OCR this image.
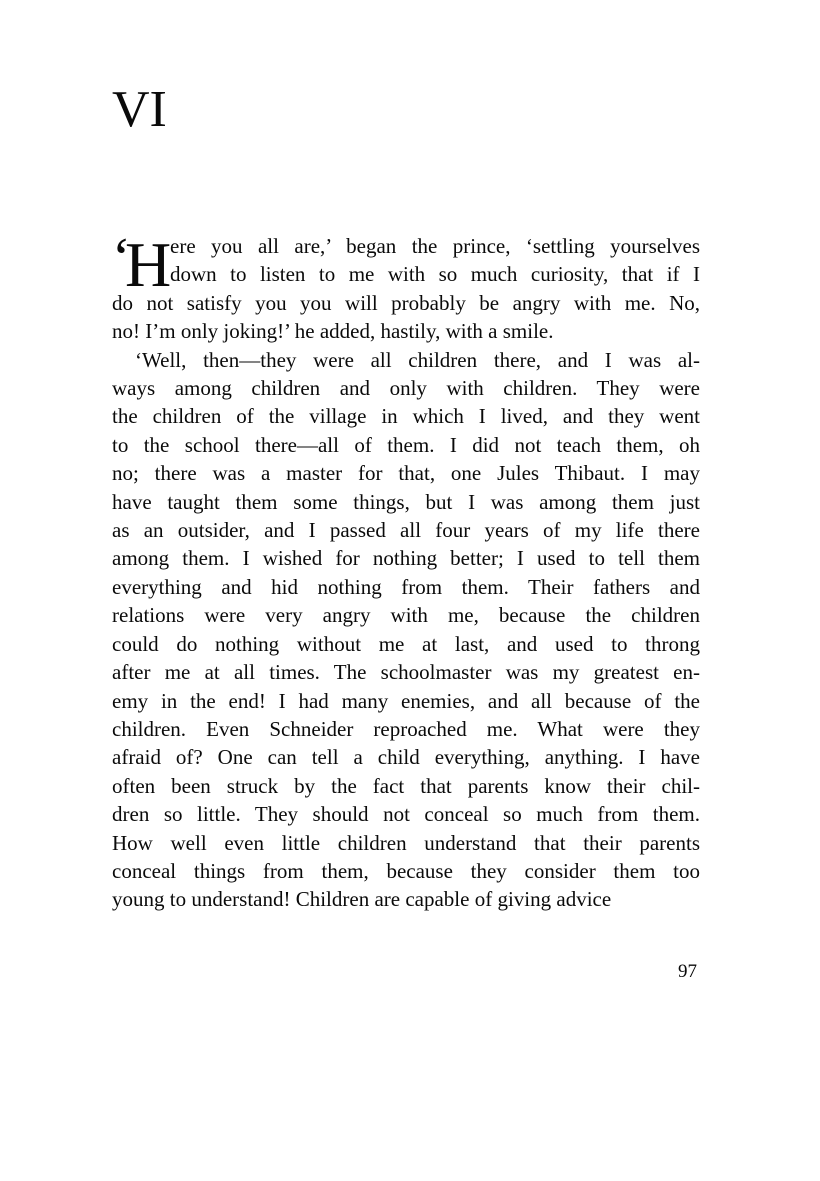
VI
‘
H
ere you all are,’ began the prince, ‘settling yourselves
down to listen to me with so much curiosity, that if I
do not satisfy you you will probably be angry with me. No,
no! I’m only joking!’ he added, hastily, with a smile.
‘Well, then—they were all children there, and I was al-
ways among children and only with children. They were
the children of the village in which I lived, and they went
to the school there—all of them. I did not teach them, oh
no; there was a master for that, one Jules Thibaut. I may
have taught them some things, but I was among them just
as an outsider, and I passed all four years of my life there
among them. I wished for nothing better; I used to tell them
everything and hid nothing from them. Their fathers and
relations were very angry with me, because the children
could do nothing without me at last, and used to throng
after me at all times. The schoolmaster was my greatest en-
emy in the end! I had many enemies, and all because of the
children. Even Schneider reproached me. What were they
afraid of? One can tell a child everything, anything. I have
often been struck by the fact that parents know their chil-
dren so little. They should not conceal so much from them.
How well even little children understand that their parents
conceal things from them, because they consider them too
young to understand! Children are capable of giving advice
97
